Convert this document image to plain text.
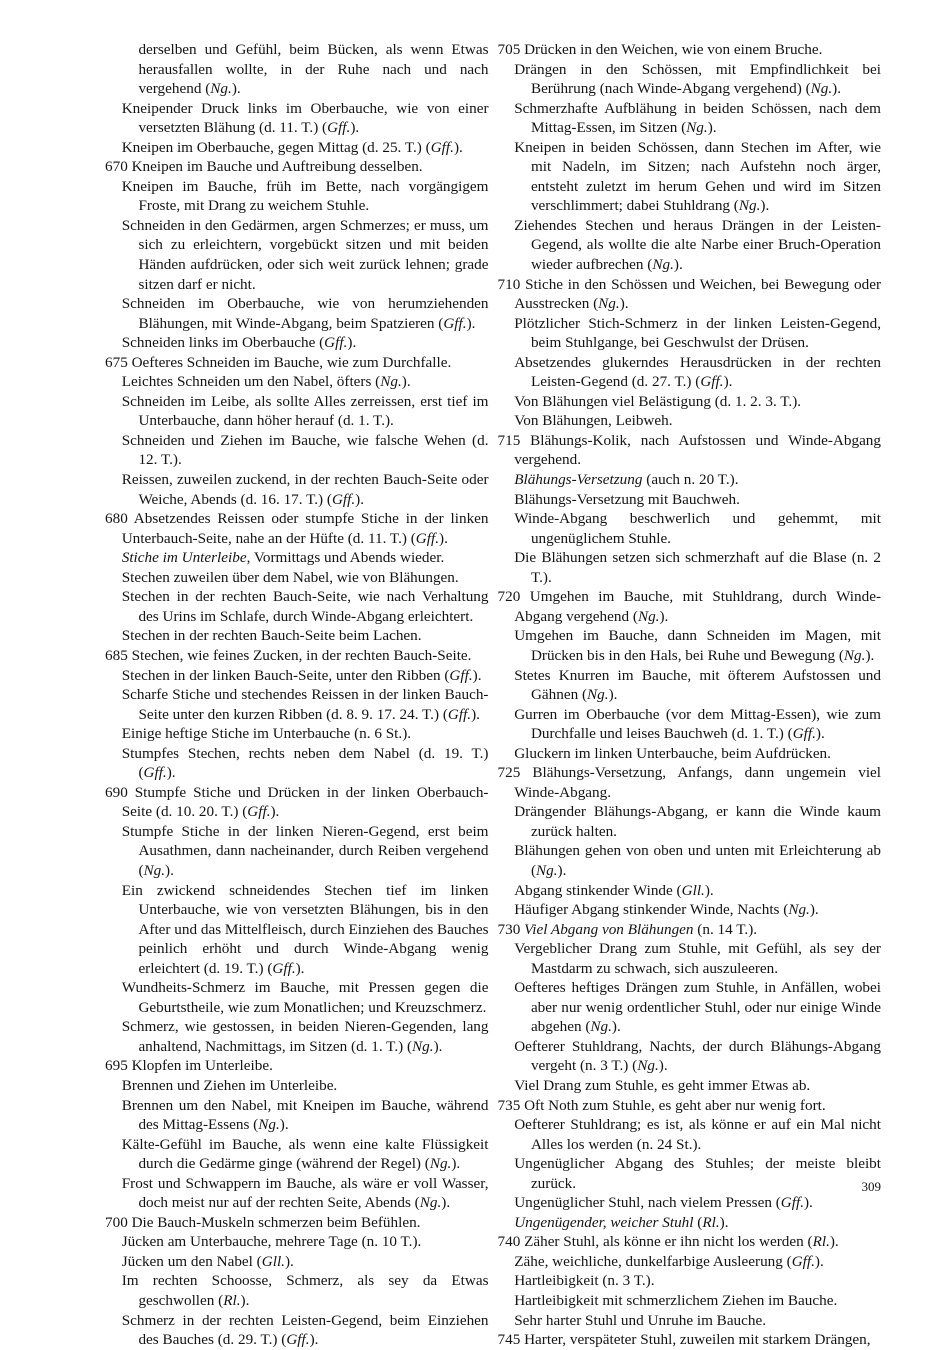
derselben und Gefühl, beim Bücken, als wenn Etwas herausfallen wollte, in der Ruhe nach und nach vergehend (Ng.).

Kneipender Druck links im Oberbauche, wie von einer versetzten Blähung (d. 11. T.) (Gff.).

Kneipen im Oberbauche, gegen Mittag (d. 25. T.) (Gff.).

670 Kneipen im Bauche und Auftreibung desselben.

Kneipen im Bauche, früh im Bette, nach vorgängigem Froste, mit Drang zu weichem Stuhle.

Schneiden in den Gedärmen, argen Schmerzes; er muss, um sich zu erleichtern, vorgebückt sitzen und mit beiden Händen aufdrücken, oder sich weit zurück lehnen; grade sitzen darf er nicht.

Schneiden im Oberbauche, wie von herumziehenden Blähungen, mit Winde-Abgang, beim Spatzieren (Gff.).

Schneiden links im Oberbauche (Gff.).

675 Oefteres Schneiden im Bauche, wie zum Durchfalle.

Leichtes Schneiden um den Nabel, öfters (Ng.).

Schneiden im Leibe, als sollte Alles zerreissen, erst tief im Unterbauche, dann höher herauf (d. 1. T.).

Schneiden und Ziehen im Bauche, wie falsche Wehen (d. 12. T.).

Reissen, zuweilen zuckend, in der rechten Bauch-Seite oder Weiche, Abends (d. 16. 17. T.) (Gff.).

680 Absetzendes Reissen oder stumpfe Stiche in der linken Unterbauch-Seite, nahe an der Hüfte (d. 11. T.) (Gff.).

Stiche im Unterleibe, Vormittags und Abends wieder.

Stechen zuweilen über dem Nabel, wie von Blähungen.

Stechen in der rechten Bauch-Seite, wie nach Verhaltung des Urins im Schlafe, durch Winde-Abgang erleichtert.

Stechen in der rechten Bauch-Seite beim Lachen.

685 Stechen, wie feines Zucken, in der rechten Bauch-Seite.

Stechen in der linken Bauch-Seite, unter den Ribben (Gff.).

Scharfe Stiche und stechendes Reissen in der linken Bauch-Seite unter den kurzen Ribben (d. 8. 9. 17. 24. T.) (Gff.).

Einige heftige Stiche im Unterbauche (n. 6 St.).

Stumpfes Stechen, rechts neben dem Nabel (d. 19. T.) (Gff.).

690 Stumpfe Stiche und Drücken in der linken Oberbauch-Seite (d. 10. 20. T.) (Gff.).

Stumpfe Stiche in der linken Nieren-Gegend, erst beim Ausathmen, dann nacheinander, durch Reiben vergehend (Ng.).

Ein zwickend schneidendes Stechen tief im linken Unterbauche, wie von versetzten Blähungen, bis in den After und das Mittelfleisch, durch Einziehen des Bauches peinlich erhöht und durch Winde-Abgang wenig erleichtert (d. 19. T.) (Gff.).

Wundheits-Schmerz im Bauche, mit Pressen gegen die Geburtstheile, wie zum Monatlichen; und Kreuzschmerz.

Schmerz, wie gestossen, in beiden Nieren-Gegenden, lang anhaltend, Nachmittags, im Sitzen (d. 1. T.) (Ng.).

695 Klopfen im Unterleibe.

Brennen und Ziehen im Unterleibe.

Brennen um den Nabel, mit Kneipen im Bauche, während des Mittag-Essens (Ng.).

Kälte-Gefühl im Bauche, als wenn eine kalte Flüssigkeit durch die Gedärme ginge (während der Regel) (Ng.).

Frost und Schwappern im Bauche, als wäre er voll Wasser, doch meist nur auf der rechten Seite, Abends (Ng.).

700 Die Bauch-Muskeln schmerzen beim Befühlen.

Jücken am Unterbauche, mehrere Tage (n. 10 T.).

Jücken um den Nabel (Gll.).

Im rechten Schoosse, Schmerz, als sey da Etwas geschwollen (Rl.).

Schmerz in der rechten Leisten-Gegend, beim Einziehen des Bauches (d. 29. T.) (Gff.).

705 Drücken in den Weichen, wie von einem Bruche.

Drängen in den Schössen, mit Empfindlichkeit bei Berührung (nach Winde-Abgang vergehend) (Ng.).

Schmerzhafte Aufblähung in beiden Schössen, nach dem Mittag-Essen, im Sitzen (Ng.).

Kneipen in beiden Schössen, dann Stechen im After, wie mit Nadeln, im Sitzen; nach Aufstehn noch ärger, entsteht zuletzt im herum Gehen und wird im Sitzen verschlimmert; dabei Stuhldrang (Ng.).

Ziehendes Stechen und heraus Drängen in der Leisten-Gegend, als wollte die alte Narbe einer Bruch-Operation wieder aufbrechen (Ng.).

710 Stiche in den Schössen und Weichen, bei Bewegung oder Ausstrecken (Ng.).

Plötzlicher Stich-Schmerz in der linken Leisten-Gegend, beim Stuhlgange, bei Geschwulst der Drüsen.

Absetzendes glukerndes Herausdrücken in der rechten Leisten-Gegend (d. 27. T.) (Gff.).

Von Blähungen viel Belästigung (d. 1. 2. 3. T.).

Von Blähungen, Leibweh.

715 Blähungs-Kolik, nach Aufstossen und Winde-Abgang vergehend.

Blähungs-Versetzung (auch n. 20 T.).

Blähungs-Versetzung mit Bauchweh.

Winde-Abgang beschwerlich und gehemmt, mit ungenüglichem Stuhle.

Die Blähungen setzen sich schmerzhaft auf die Blase (n. 2 T.).

720 Umgehen im Bauche, mit Stuhldrang, durch Winde-Abgang vergehend (Ng.).

Umgehen im Bauche, dann Schneiden im Magen, mit Drücken bis in den Hals, bei Ruhe und Bewegung (Ng.).

Stetes Knurren im Bauche, mit öfterem Aufstossen und Gähnen (Ng.).

Gurren im Oberbauche (vor dem Mittag-Essen), wie zum Durchfalle und leises Bauchweh (d. 1. T.) (Gff.).

Gluckern im linken Unterbauche, beim Aufdrücken.

725 Blähungs-Versetzung, Anfangs, dann ungemein viel Winde-Abgang.

Drängender Blähungs-Abgang, er kann die Winde kaum zurück halten.

Blähungen gehen von oben und unten mit Erleichterung ab (Ng.).

Abgang stinkender Winde (Gll.).

Häufiger Abgang stinkender Winde, Nachts (Ng.).

730 Viel Abgang von Blähungen (n. 14 T.).

Vergeblicher Drang zum Stuhle, mit Gefühl, als sey der Mastdarm zu schwach, sich auszuleeren.

Oefteres heftiges Drängen zum Stuhle, in Anfällen, wobei aber nur wenig ordentlicher Stuhl, oder nur einige Winde abgehen (Ng.).

Oefterer Stuhldrang, Nachts, der durch Blähungs-Abgang vergeht (n. 3 T.) (Ng.).

Viel Drang zum Stuhle, es geht immer Etwas ab.

735 Oft Noth zum Stuhle, es geht aber nur wenig fort.

Oefterer Stuhldrang; es ist, als könne er auf ein Mal nicht Alles los werden (n. 24 St.).

Ungenüglicher Abgang des Stuhles; der meiste bleibt zurück.

Ungenüglicher Stuhl, nach vielem Pressen (Gff.).

Ungenügender, weicher Stuhl (Rl.).

740 Zäher Stuhl, als könne er ihn nicht los werden (Rl.).

Zähe, weichliche, dunkelfarbige Ausleerung (Gff.).

Hartleibigkeit (n. 3 T.).

Hartleibigkeit mit schmerzlichem Ziehen im Bauche.

Sehr harter Stuhl und Unruhe im Bauche.

745 Harter, verspäteter Stuhl, zuweilen mit starkem Drängen,

309
